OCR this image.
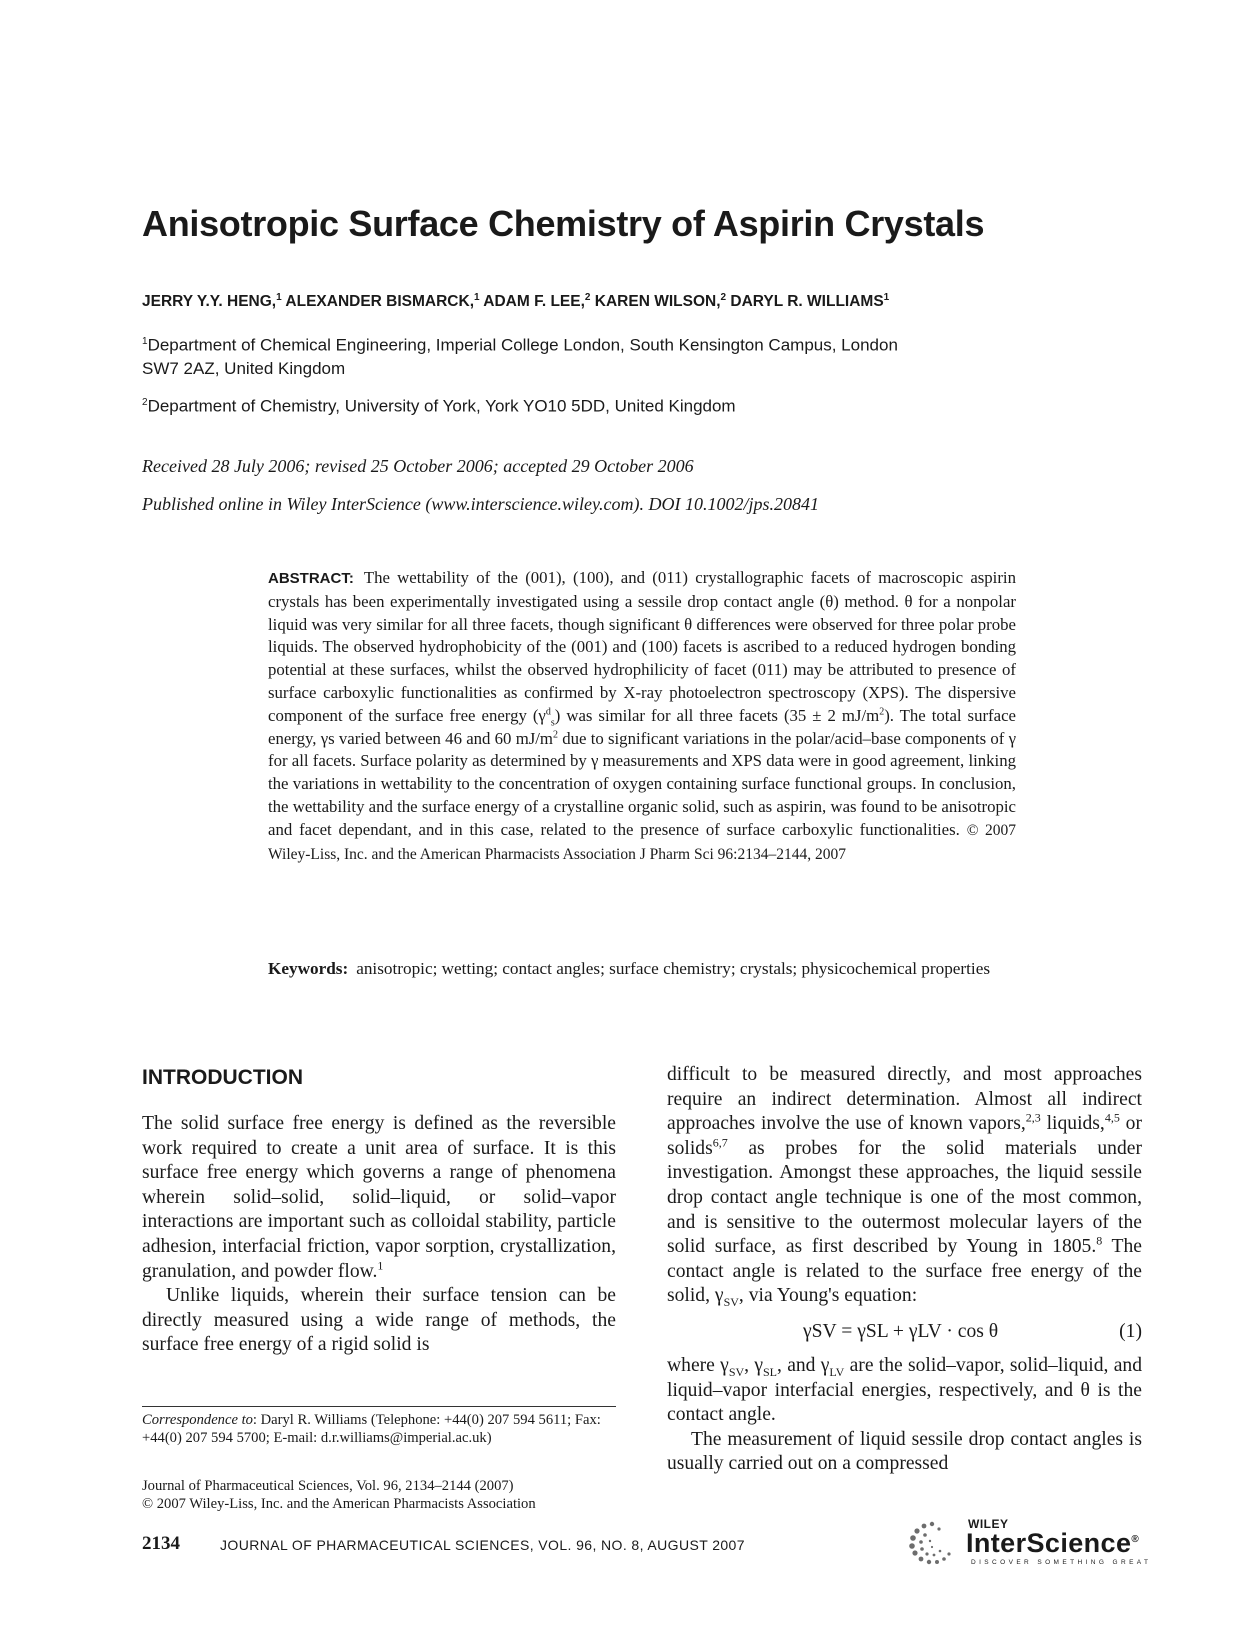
Anisotropic Surface Chemistry of Aspirin Crystals
JERRY Y.Y. HENG,$^1$ ALEXANDER BISMARCK,$^1$ ADAM F. LEE,$^2$ KAREN WILSON,$^2$ DARYL R. WILLIAMS$^1$
$^1$Department of Chemical Engineering, Imperial College London, South Kensington Campus, London SW7 2AZ, United Kingdom
$^2$Department of Chemistry, University of York, York YO10 5DD, United Kingdom
Received 28 July 2006; revised 25 October 2006; accepted 29 October 2006
Published online in Wiley InterScience (www.interscience.wiley.com). DOI 10.1002/jps.20841
ABSTRACT: The wettability of the (001), (100), and (011) crystallographic facets of macroscopic aspirin crystals has been experimentally investigated using a sessile drop contact angle (θ) method. θ for a nonpolar liquid was very similar for all three facets, though significant θ differences were observed for three polar probe liquids. The observed hydrophobicity of the (001) and (100) facets is ascribed to a reduced hydrogen bonding potential at these surfaces, whilst the observed hydrophilicity of facet (011) may be attributed to presence of surface carboxylic functionalities as confirmed by X-ray photoelectron spectroscopy (XPS). The dispersive component of the surface free energy $(\gamma^d_s)$ was similar for all three facets (35 ± 2 $mJ/m^2$). The total surface energy, γs varied between 46 and 60 $mJ/m^2$ due to significant variations in the polar/acid–base components of γ for all facets. Surface polarity as determined by γ measurements and XPS data were in good agreement, linking the variations in wettability to the concentration of oxygen containing surface functional groups. In conclusion, the wettability and the surface energy of a crystalline organic solid, such as aspirin, was found to be anisotropic and facet dependant, and in this case, related to the presence of surface carboxylic functionalities. © 2007 Wiley-Liss, Inc. and the American Pharmacists Association J Pharm Sci 96:2134–2144, 2007
Keywords: anisotropic; wetting; contact angles; surface chemistry; crystals; physicochemical properties
INTRODUCTION

The solid surface free energy is defined as the reversible work required to create a unit area of surface. It is this surface free energy which governs a range of phenomena wherein solid–solid, solid–liquid, or solid–vapor interactions are important such as colloidal stability, particle adhesion, interfacial friction, vapor sorption, crystallization, granulation, and powder flow.$^1$

Unlike liquids, wherein their surface tension can be directly measured using a wide range of methods, the surface free energy of a rigid solid is

difficult to be measured directly, and most approaches require an indirect determination. Almost all indirect approaches involve the use of known vapors,$^{2,3}$ liquids,$^{4,5}$ or solids$^{6,7}$ as probes for the solid materials under investigation. Amongst these approaches, the liquid sessile drop contact angle technique is one of the most common, and is sensitive to the outermost molecular layers of the solid surface, as first described by Young in 1805.$^8$ The contact angle is related to the surface free energy of the solid, $\gamma_{SV}$, via Young's equation:

γSV = γSL + γLV · cos θ	(1)

where $\gamma_{SV}$, $\gamma_{SL}$, and $\gamma_{LV}$ are the solid–vapor, solid–liquid, and liquid–vapor interfacial energies, respectively, and θ is the contact angle.

The measurement of liquid sessile drop contact angles is usually carried out on a compressed

Correspondence to: Daryl R. Williams (Telephone: +44(0) 207 594 5611; Fax: +44(0) 207 594 5700; E-mail: d.r.williams@imperial.ac.uk)
Journal of Pharmaceutical Sciences, Vol. 96, 2134–2144 (2007)
© 2007 Wiley-Liss, Inc. and the American Pharmacists Association
2134	JOURNAL OF PHARMACEUTICAL SCIENCES, VOL. 96, NO. 8, AUGUST 2007
WILEY
InterScience®
DISCOVER SOMETHING GREAT
